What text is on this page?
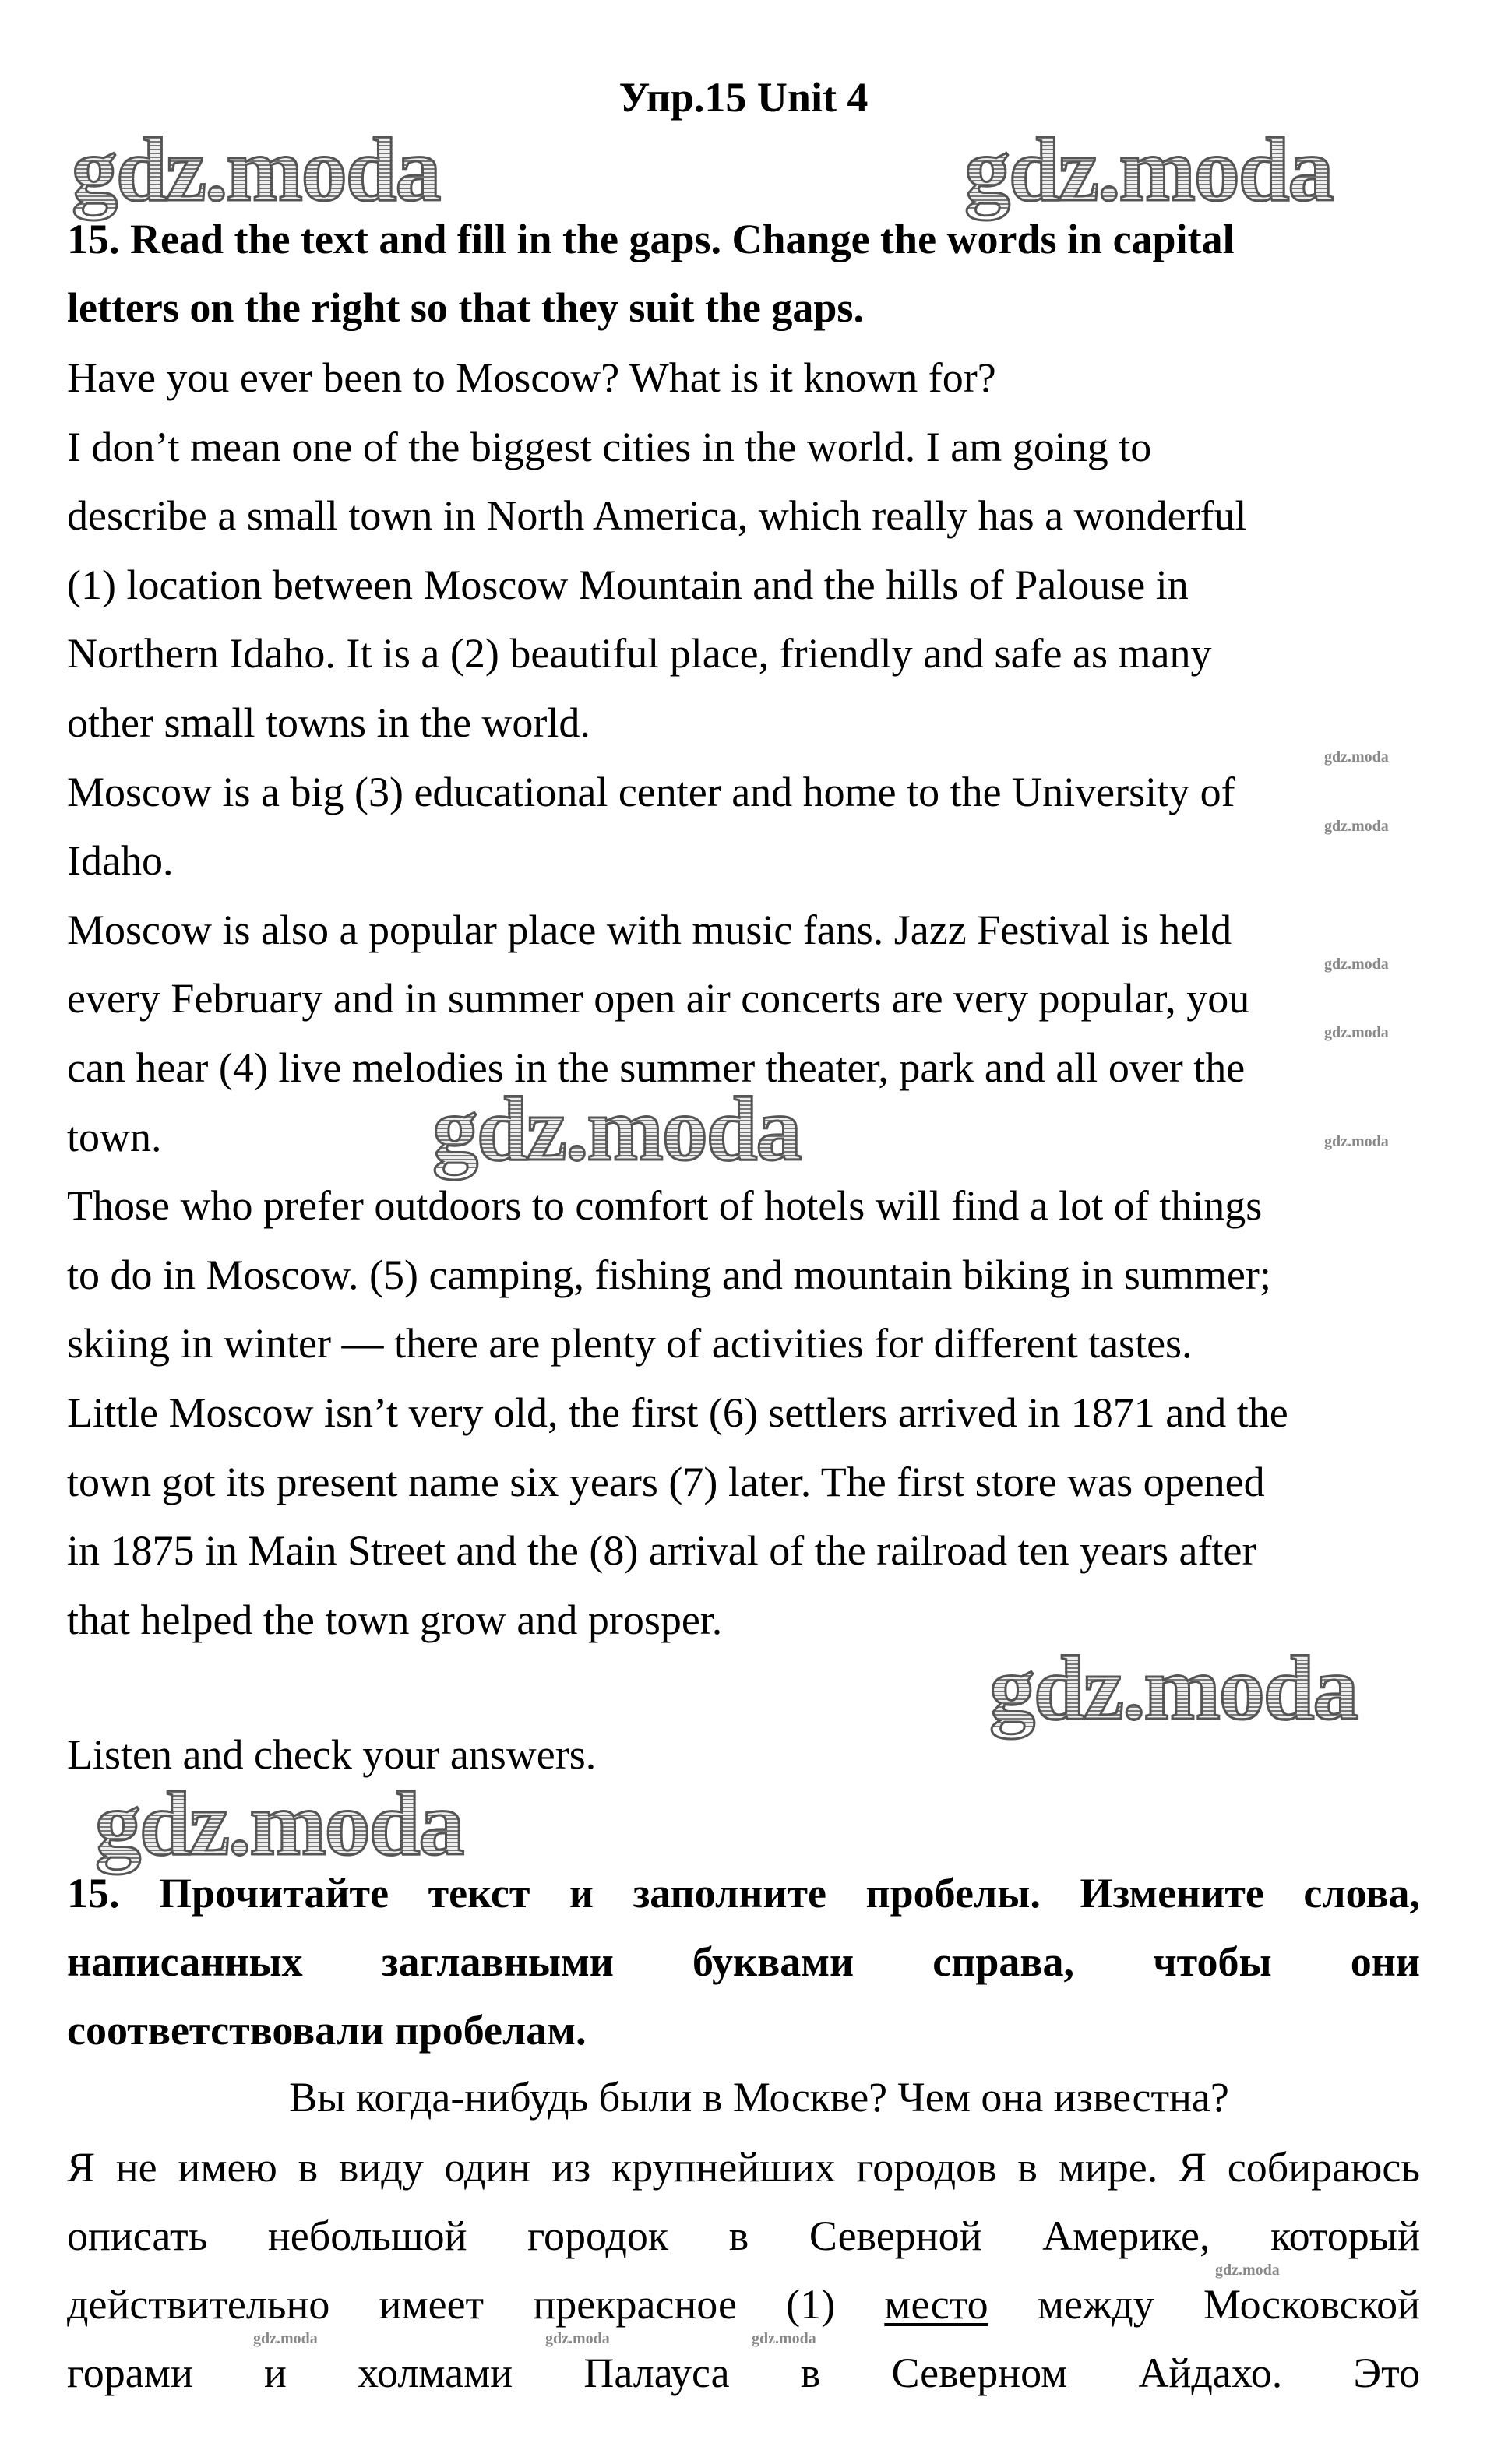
Упр.15 Unit 4
gdz.moda	gdz.moda
gdz.moda
gdz.moda
gdz.moda
gdz.moda
gdz.moda
gdz.moda
gdz.moda
gdz.moda
gdz.moda
gdz.moda	gdz.moda	gdz.moda
15. Read the text and fill in the gaps. Change the words in capital
letters on the right so that they suit the gaps.
Have you ever been to Moscow? What is it known for?
I don’t mean one of the biggest cities in the world. I am going to
describe a small town in North America, which really has a wonderful
(1) location between Moscow Mountain and the hills of Palouse in
Northern Idaho. It is a (2) beautiful place, friendly and safe as many
other small towns in the world.
Moscow is a big (3) educational center and home to the University of
Idaho.
Moscow is also a popular place with music fans. Jazz Festival is held
every February and in summer open air concerts are very popular, you
can hear (4) live melodies in the summer theater, park and all over the
town.
Those who prefer outdoors to comfort of hotels will find a lot of things
to do in Moscow. (5) camping, fishing and mountain biking in summer;
skiing in winter — there are plenty of activities for different tastes.
Little Moscow isn’t very old, the first (6) settlers arrived in 1871 and the
town got its present name six years (7) later. The first store was opened
in 1875 in Main Street and the (8) arrival of the railroad ten years after
that helped the town grow and prosper.
Listen and check your answers.
15. Прочитайте текст и заполните пробелы. Измените слова,
написанных заглавными буквами справа, чтобы они
соответствовали пробелам.
Вы когда-нибудь были в Москве? Чем она известна?
Я не имею в виду один из крупнейших городов в мире. Я собираюсь
описать небольшой городок в Северной Америке, который
действительно имеет прекрасное (1) место между Московской
горами и холмами Палауса в Северном Айдахо. Это
